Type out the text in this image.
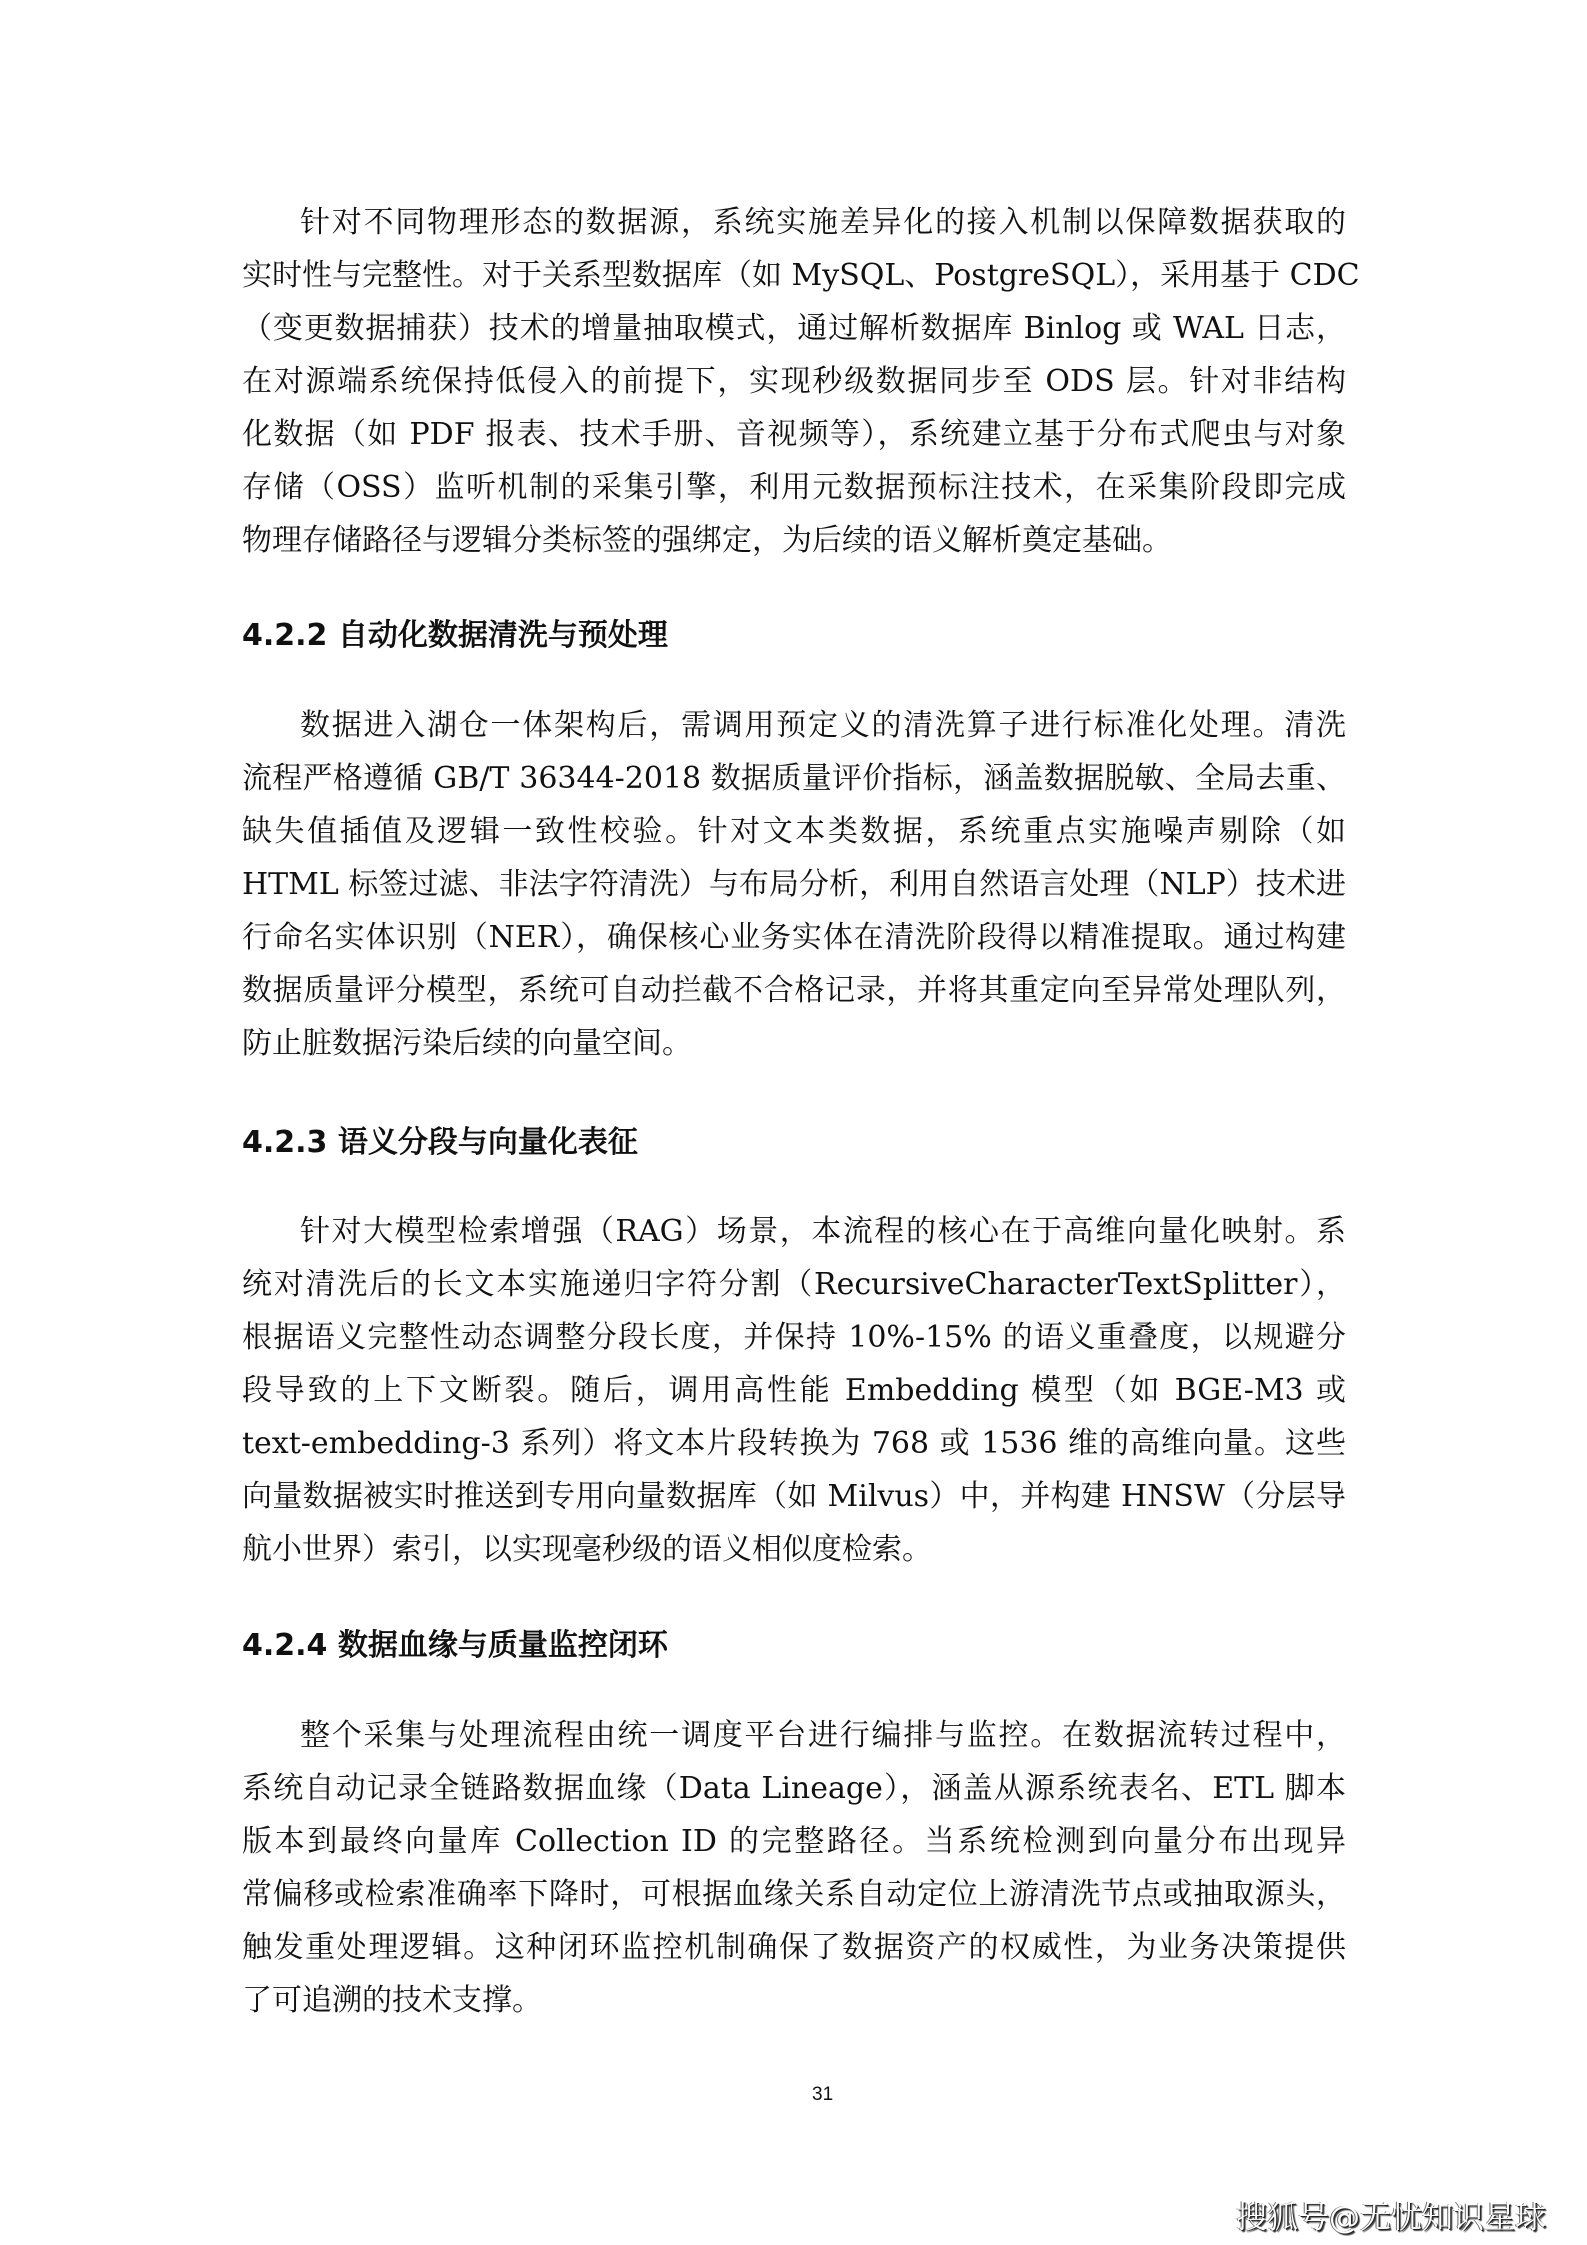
针对不同物理形态的数据源，系统实施差异化的接入机制以保障数据获取的
实时性与完整性。对于关系型数据库（如 MySQL、PostgreSQL），采用基于 CDC
（变更数据捕获）技术的增量抽取模式，通过解析数据库 Binlog 或 WAL 日志，
在对源端系统保持低侵入的前提下，实现秒级数据同步至 ODS 层。针对非结构
化数据（如 PDF 报表、技术手册、音视频等），系统建立基于分布式爬虫与对象
存储（OSS）监听机制的采集引擎，利用元数据预标注技术，在采集阶段即完成
物理存储路径与逻辑分类标签的强绑定，为后续的语义解析奠定基础。
4.2.2 自动化数据清洗与预处理
数据进入湖仓一体架构后，需调用预定义的清洗算子进行标准化处理。清洗
流程严格遵循 GB/T 36344-2018 数据质量评价指标，涵盖数据脱敏、全局去重、
缺失值插值及逻辑一致性校验。针对文本类数据，系统重点实施噪声剔除（如
HTML 标签过滤、非法字符清洗）与布局分析，利用自然语言处理（NLP）技术进
行命名实体识别（NER），确保核心业务实体在清洗阶段得以精准提取。通过构建
数据质量评分模型，系统可自动拦截不合格记录，并将其重定向至异常处理队列，
防止脏数据污染后续的向量空间。
4.2.3 语义分段与向量化表征
针对大模型检索增强（RAG）场景，本流程的核心在于高维向量化映射。系
统对清洗后的长文本实施递归字符分割（RecursiveCharacterTextSplitter），
根据语义完整性动态调整分段长度，并保持 10%-15% 的语义重叠度，以规避分
段导致的上下文断裂。随后，调用高性能 Embedding 模型（如 BGE-M3 或
text-embedding-3 系列）将文本片段转换为 768 或 1536 维的高维向量。这些
向量数据被实时推送到专用向量数据库（如 Milvus）中，并构建 HNSW（分层导
航小世界）索引，以实现毫秒级的语义相似度检索。
4.2.4 数据血缘与质量监控闭环
整个采集与处理流程由统一调度平台进行编排与监控。在数据流转过程中，
系统自动记录全链路数据血缘（Data Lineage），涵盖从源系统表名、ETL 脚本
版本到最终向量库 Collection ID 的完整路径。当系统检测到向量分布出现异
常偏移或检索准确率下降时，可根据血缘关系自动定位上游清洗节点或抽取源头，
触发重处理逻辑。这种闭环监控机制确保了数据资产的权威性，为业务决策提供
了可追溯的技术支撑。
31
搜狐号@无忧知识星球
